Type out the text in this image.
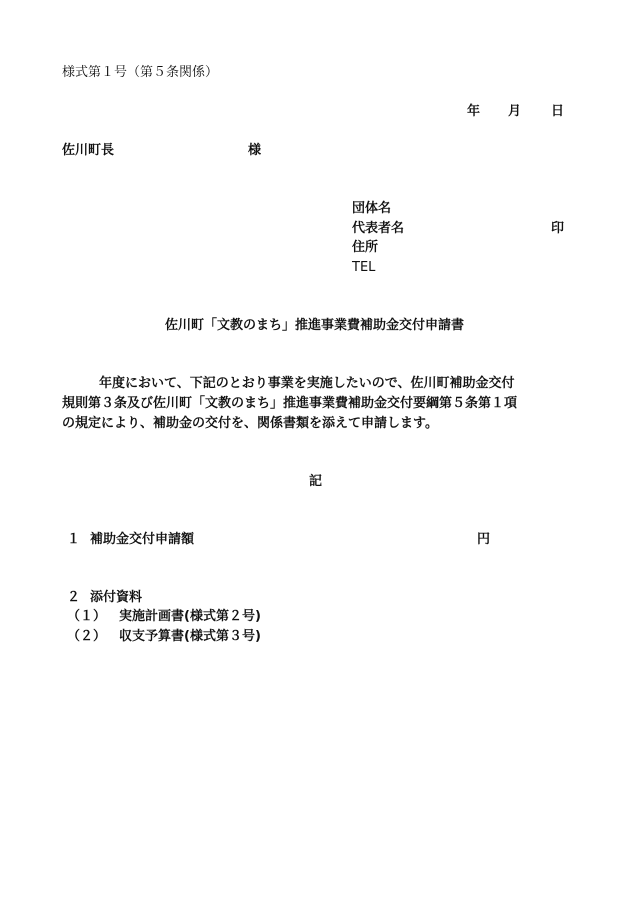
様式第１号（第５条関係）
年 月 日
佐川町長	様
団体名
代表者名	印
住所
TEL
佐川町「文教のまち」推進事業費補助金交付申請書
年度において、下記のとおり事業を実施したいので、佐川町補助金交付
規則第３条及び佐川町「文教のまち」推進事業費補助金交付要綱第５条第１項
の規定により、補助金の交付を、関係書類を添えて申請します。
記
１ 補助金交付申請額	円
２ 添付資料
（１） 実施計画書(様式第２号)
（２） 収支予算書(様式第３号)
